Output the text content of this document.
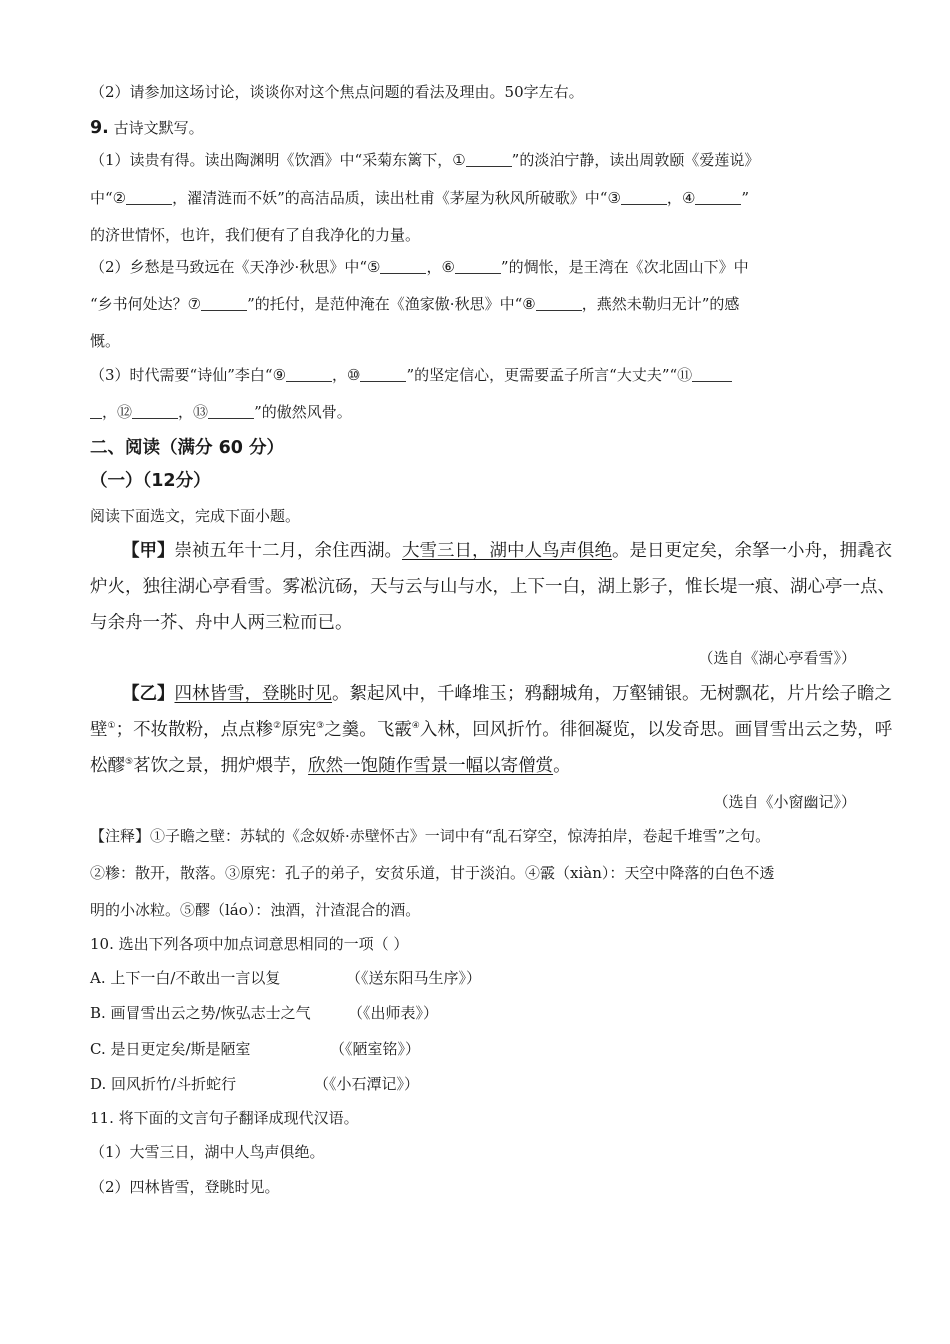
（2）请参加这场讨论，谈谈你对这个焦点问题的看法及理由。50字左右。
9. 古诗文默写。
（1）读贵有得。读出陶渊明《饮酒》中“采菊东篱下，①	”的淡泊宁静，读出周敦颐《爱莲说》
中“②	，濯清涟而不妖”的高洁品质，读出杜甫《茅屋为秋风所破歌》中“③	，④	”
的济世情怀，也许，我们便有了自我净化的力量。
（2）乡愁是马致远在《天净沙·秋思》中“⑤	，⑥	”的惆怅，是王湾在《次北固山下》中
“乡书何处达？⑦	”的托付，是范仲淹在《渔家傲·秋思》中“⑧	，燕然未勒归无计”的感
慨。
（3）时代需要“诗仙”李白“⑨	，⑩	”的坚定信心，更需要孟子所言“大丈夫”“⑪
，⑫	，⑬	”的傲然风骨。
二、阅读（满分 60 分）
（一）（12分）
阅读下面选文，完成下面小题。
【甲】崇祯五年十二月，余住西湖。大雪三日，湖中人鸟声俱绝。是日更定矣，余拏一小舟，拥毳衣
炉火，独往湖心亭看雪。雾凇沆砀，天与云与山与水，上下一白，湖上影子，惟长堤一痕、湖心亭一点、
与余舟一芥、舟中人两三粒而已。
（选自《湖心亭看雪》）
【乙】四林皆雪，登眺时见。絮起风中，千峰堆玉；鸦翻城角，万壑铺银。无树飘花，片片绘子瞻之
壁①；不妆散粉，点点糁②原宪③之羹。飞霰④入林，回风折竹。徘徊凝览，以发奇思。画冒雪出云之势，呼
松醪⑤茗饮之景，拥炉煨芋，欣然一饱随作雪景一幅以寄僧赏。
（选自《小窗幽记》）
【注释】①子瞻之壁：苏轼的《念奴娇·赤壁怀古》一词中有“乱石穿空，惊涛拍岸，卷起千堆雪”之句。
②糁：散开，散落。③原宪：孔子的弟子，安贫乐道，甘于淡泊。④霰（xiàn）：天空中降落的白色不透
明的小冰粒。⑤醪（láo）：浊酒，汁渣混合的酒。
10. 选出下列各项中加点词意思相同的一项（ ）
A. 上下一白/不敢出一言以复	（《送东阳马生序》）
B. 画冒雪出云之势/恢弘志士之气 （《出师表》）
C. 是日更定矣/斯是陋室	（《陋室铭》）
D. 回风折竹/斗折蛇行	（《小石潭记》）
11. 将下面的文言句子翻译成现代汉语。
（1）大雪三日，湖中人鸟声俱绝。
（2）四林皆雪，登眺时见。
